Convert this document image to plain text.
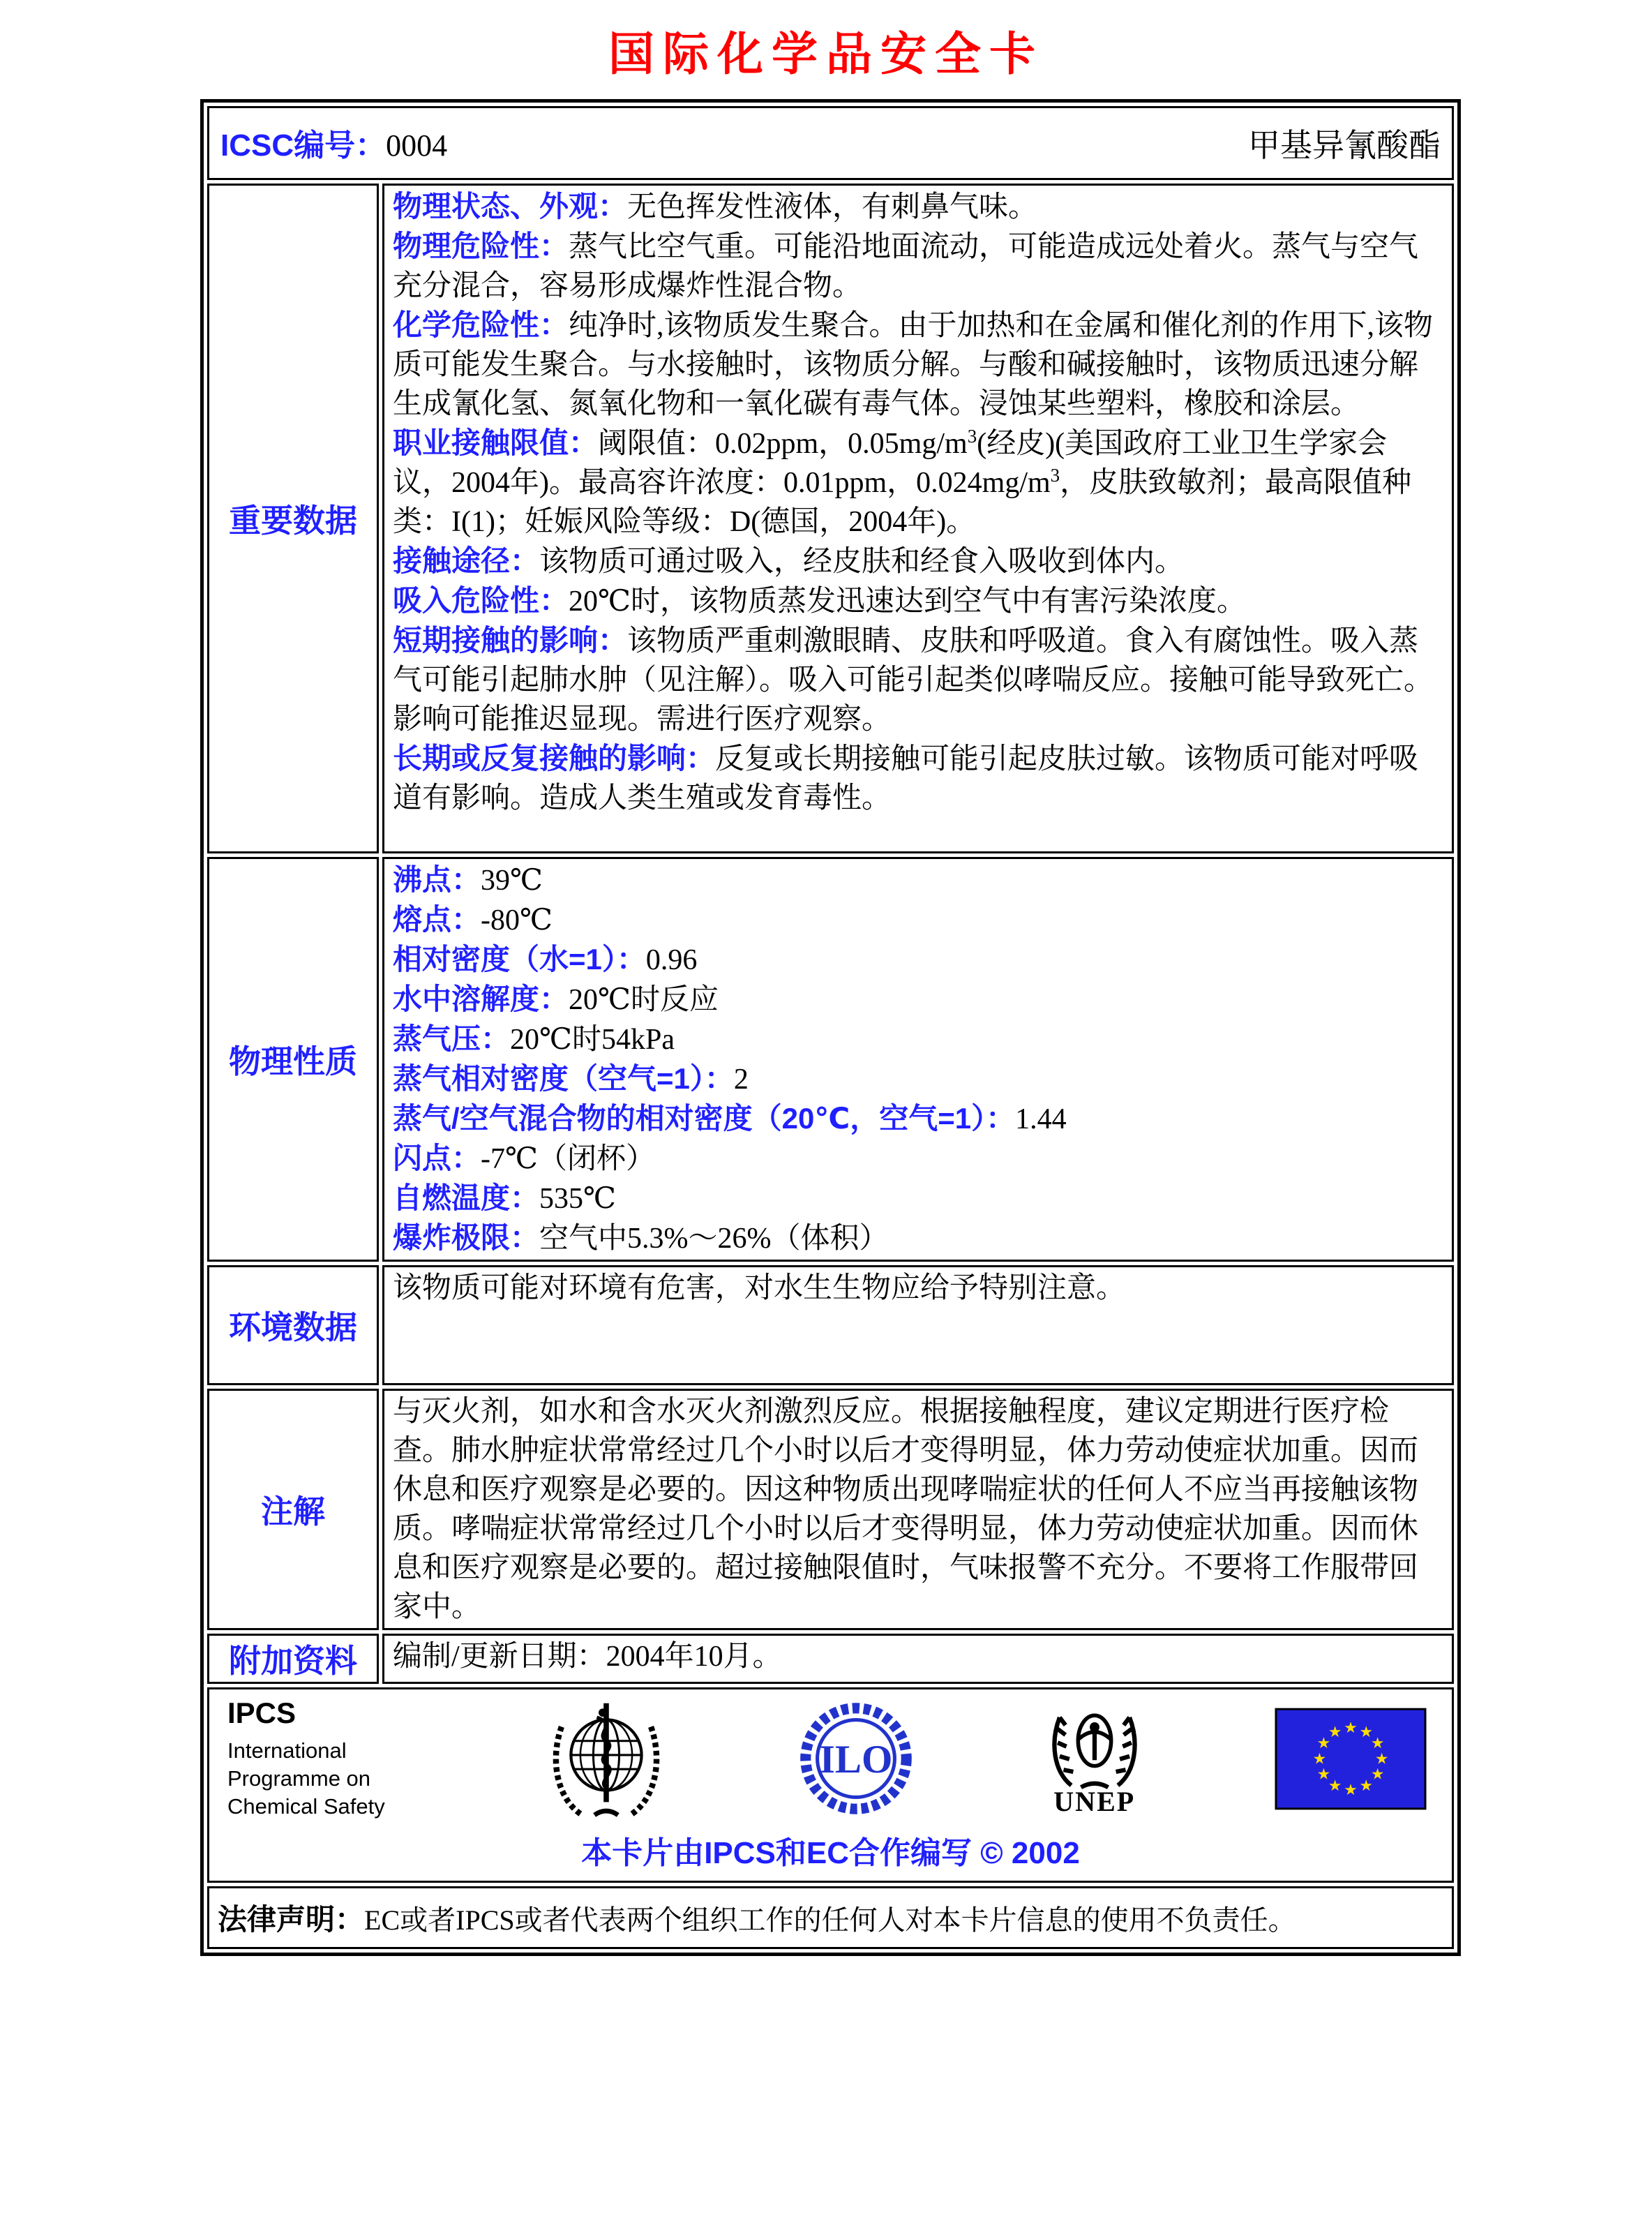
国际化学品安全卡
ICSC编号：0004 甲基异氰酸酯	

重要数据	
物理状态、外观：无色挥发性液体，有刺鼻气味。
物理危险性：蒸气比空气重。可能沿地面流动，可能造成远处着火。蒸气与空气充分混合，容易形成爆炸性混合物。
化学危险性：纯净时,该物质发生聚合。由于加热和在金属和催化剂的作用下,该物质可能发生聚合。与水接触时，该物质分解。与酸和碱接触时，该物质迅速分解生成氰化氢、氮氧化物和一氧化碳有毒气体。浸蚀某些塑料，橡胶和涂层。
职业接触限值：阈限值：0.02ppm，$0.05mg/m^3$(经皮)(美国政府工业卫生学家会议，2004年)。最高容许浓度：0.01ppm，$0.024mg/m^3$，皮肤致敏剂；最高限值种类：I(1)；妊娠风险等级：D(德国，2004年)。
接触途径：该物质可通过吸入，经皮肤和经食入吸收到体内。
吸入危险性：20℃时，该物质蒸发迅速达到空气中有害污染浓度。
短期接触的影响：该物质严重刺激眼睛、皮肤和呼吸道。食入有腐蚀性。吸入蒸气可能引起肺水肿（见注解）。吸入可能引起类似哮喘反应。接触可能导致死亡。影响可能推迟显现。需进行医疗观察。
长期或反复接触的影响：反复或长期接触可能引起皮肤过敏。该物质可能对呼吸道有影响。造成人类生殖或发育毒性。

物理性质	
沸点：39℃
熔点：-80℃
相对密度（水=1）：0.96
水中溶解度：20℃时反应
蒸气压：20℃时54kPa
蒸气相对密度（空气=1）：2
蒸气/空气混合物的相对密度（20℃，空气=1）：1.44
闪点：-7℃（闭杯）
自燃温度：535℃
爆炸极限：空气中5.3%～26%（体积）

环境数据	该物质可能对环境有危害，对水生生物应给予特别注意。

注解	与灭火剂，如水和含水灭火剂激烈反应。根据接触程度，建议定期进行医疗检查。肺水肿症状常常经过几个小时以后才变得明显，体力劳动使症状加重。因而休息和医疗观察是必要的。因这种物质出现哮喘症状的任何人不应当再接触该物质。哮喘症状常常经过几个小时以后才变得明显，体力劳动使症状加重。因而休息和医疗观察是必要的。超过接触限值时，气味报警不充分。不要将工作服带回家中。

附加资料	编制/更新日期：2004年10月。

IPCS
International
Programme on
Chemical Safety
ILO
UNEP
★ ★
★
★
★
★
★
★
★
★
★
★
本卡片由IPCS和EC合作编写 © 2002

法律声明：EC或者IPCS或者代表两个组织工作的任何人对本卡片信息的使用不负责任。	
